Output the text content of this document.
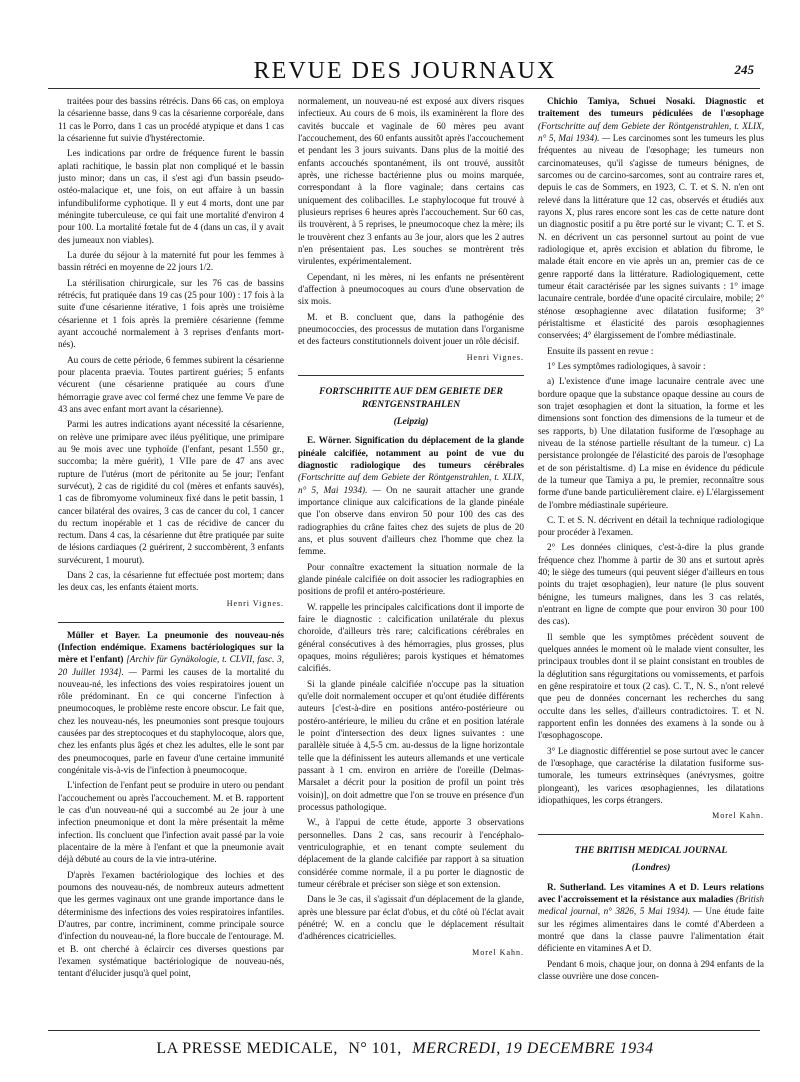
REVUE DES JOURNAUX	245

traitées pour des bassins rétrécis. Dans 66 cas, on employa la césarienne basse, dans 9 cas la césarienne corporéale, dans 11 cas le Porro, dans 1 cas un procédé atypique et dans 1 cas la césarienne fut suivie d'hystérectomie.

Les indications par ordre de fréquence furent le bassin aplati rachitique, le bassin plat non compliqué et le bassin justo minor; dans un cas, il s'est agi d'un bassin pseudo-ostéo-malacique et, une fois, on eut affaire à un bassin infundibuliforme cyphotique. Il y eut 4 morts, dont une par méningite tuberculeuse, ce qui fait une mortalité d'environ 4 pour 100. La mortalité fœtale fut de 4 (dans un cas, il y avait des jumeaux non viables).

La durée du séjour à la maternité fut pour les femmes à bassin rétréci en moyenne de 22 jours 1/2.

La stérilisation chirurgicale, sur les 76 cas de bassins rétrécis, fut pratiquée dans 19 cas (25 pour 100) : 17 fois à la suite d'une césarienne itérative, 1 fois après une troisième césarienne et 1 fois après la première césarienne (femme ayant accouché normalement à 3 reprises d'enfants mort-nés).

Au cours de cette période, 6 femmes subirent la césarienne pour placenta praevia. Toutes partirent guéries; 5 enfants vécurent (une césarienne pratiquée au cours d'une hémorragie grave avec col fermé chez une femme Ve pare de 43 ans avec enfant mort avant la césarienne).

Parmi les autres indications ayant nécessité la césarienne, on relève une primipare avec iléus pyélitique, une primipare au 9e mois avec une typhoïde (l'enfant, pesant 1.550 gr., succomba; la mère guérit), 1 VIIe pare de 47 ans avec rupture de l'utérus (mort de péritonite au 5e jour; l'enfant survécut), 2 cas de rigidité du col (mères et enfants sauvés), 1 cas de fibromyome volumineux fixé dans le petit bassin, 1 cancer bilatéral des ovaires, 3 cas de cancer du col, 1 cancer du rectum inopérable et 1 cas de récidive de cancer du rectum. Dans 4 cas, la césarienne dut être pratiquée par suite de lésions cardiaques (2 guérirent, 2 succombèrent, 3 enfants survécurent, 1 mourut).

Dans 2 cas, la césarienne fut effectuée post mortem; dans les deux cas, les enfants étaient morts.

Henri Vignes.

Müller et Bayer. La pneumonie des nouveau-nés (Infection endémique. Examens bactériologiques sur la mère et l'enfant) [Archiv für Gynäkologie, t. CLVII, fasc. 3, 20 Juillet 1934]. — Parmi les causes de la mortalité du nouveau-né, les infections des voies respiratoires jouent un rôle prédominant. En ce qui concerne l'infection à pneumocoques, le problème reste encore obscur. Le fait que, chez les nouveau-nés, les pneumonies sont presque toujours causées par des streptocoques et du staphylocoque, alors que, chez les enfants plus âgés et chez les adultes, elle le sont par des pneumocoques, parle en faveur d'une certaine immunité congénitale vis-à-vis de l'infection à pneumocoque.

L'infection de l'enfant peut se produire in utero ou pendant l'accouchement ou après l'accouchement. M. et B. rapportent le cas d'un nouveau-né qui a succombé au 2e jour à une infection pneumonique et dont la mère présentait la même infection. Ils concluent que l'infection avait passé par la voie placentaire de la mère à l'enfant et que la pneumonie avait déjà débuté au cours de la vie intra-utérine.

D'après l'examen bactériologique des lochies et des poumons des nouveau-nés, de nombreux auteurs admettent que les germes vaginaux ont une grande importance dans le déterminisme des infections des voies respiratoires infantiles. D'autres, par contre, incriminent, comme principale source d'infection du nouveau-né, la flore buccale de l'entourage. M. et B. ont cherché à éclaircir ces diverses questions par l'examen systématique bactériologique de nouveau-nés, tentant d'élucider jusqu'à quel point,

normalement, un nouveau-né est exposé aux divers risques infectieux. Au cours de 6 mois, ils examinèrent la flore des cavités buccale et vaginale de 60 mères peu avant l'accouchement, des 60 enfants aussitôt après l'accouchement et pendant les 3 jours suivants. Dans plus de la moitié des enfants accouchés spontanément, ils ont trouvé, aussitôt après, une richesse bactérienne plus ou moins marquée, correspondant à la flore vaginale; dans certains cas uniquement des colibacilles. Le staphylocoque fut trouvé à plusieurs reprises 6 heures après l'accouchement. Sur 60 cas, ils trouvèrent, à 5 reprises, le pneumocoque chez la mère; ils le trouvèrent chez 3 enfants au 3e jour, alors que les 2 autres n'en présentaient pas. Les souches se montrèrent très virulentes, expérimentalement.

Cependant, ni les mères, ni les enfants ne présentèrent d'affection à pneumocoques au cours d'une observation de six mois.

M. et B. concluent que, dans la pathogénie des pneumococcies, des processus de mutation dans l'organisme et des facteurs constitutionnels doivent jouer un rôle décisif.

Henri Vignes.
FORTSCHRITTE AUF DEM GEBIETE DER RŒNTGENSTRAHLEN
(Leipzig)

E. Wörner. Signification du déplacement de la glande pinéale calcifiée, notamment au point de vue du diagnostic radiologique des tumeurs cérébrales (Fortschritte auf dem Gebiete der Röntgenstrahlen, t. XLIX, n° 5, Mai 1934). — On ne saurait attacher une grande importance clinique aux calcifications de la glande pinéale que l'on observe dans environ 50 pour 100 des cas des radiographies du crâne faites chez des sujets de plus de 20 ans, et plus souvent d'ailleurs chez l'homme que chez la femme.

Pour connaître exactement la situation normale de la glande pinéale calcifiée on doit associer les radiographies en positions de profil et antéro-postérieure.

W. rappelle les principales calcifications dont il importe de faire le diagnostic : calcification unilatérale du plexus choroïde, d'ailleurs très rare; calcifications cérébrales en général consécutives à des hémorragies, plus grosses, plus opaques, moins régulières; parois kystiques et hématomes calcifiés.

Si la glande pinéale calcifiée n'occupe pas la situation qu'elle doit normalement occuper et qu'ont étudiée différents auteurs [c'est-à-dire en positions antéro-postérieure ou postéro-antérieure, le milieu du crâne et en position latérale le point d'intersection des deux lignes suivantes : une parallèle située à 4,5-5 cm. au-dessus de la ligne horizontale telle que la définissent les auteurs allemands et une verticale passant à 1 cm. environ en arrière de l'oreille (Delmas-Marsalet a décrit pour la position de profil un point très voisin)], on doit admettre que l'on se trouve en présence d'un processus pathologique.

W., à l'appui de cette étude, apporte 3 observations personnelles. Dans 2 cas, sans recourir à l'encéphalo-ventriculographie, et en tenant compte seulement du déplacement de la glande calcifiée par rapport à sa situation considérée comme normale, il a pu porter le diagnostic de tumeur cérébrale et préciser son siège et son extension.

Dans le 3e cas, il s'agissait d'un déplacement de la glande, après une blessure par éclat d'obus, et du côté où l'éclat avait pénétré; W. en a conclu que le déplacement résultait d'adhérences cicatricielles.

Morel Kahn.

Chichio Tamiya, Schuei Nosaki. Diagnostic et traitement des tumeurs pédiculées de l'œsophage (Fortschritte auf dem Gebiete der Röntgenstrahlen, t. XLIX, n° 5, Mai 1934). — Les carcinomes sont les tumeurs les plus fréquentes au niveau de l'œsophage; les tumeurs non carcinomateuses, qu'il s'agisse de tumeurs bénignes, de sarcomes ou de carcino-sarcomes, sont au contraire rares et, depuis le cas de Sommers, en 1923, C. T. et S. N. n'en ont relevé dans la littérature que 12 cas, observés et étudiés aux rayons X, plus rares encore sont les cas de cette nature dont un diagnostic positif a pu être porté sur le vivant; C. T. et S. N. en décrivent un cas personnel surtout au point de vue radiologique et, après excision et ablation du fibrome, le malade était encore en vie après un an, premier cas de ce genre rapporté dans la littérature. Radiologiquement, cette tumeur était caractérisée par les signes suivants : 1° image lacunaire centrale, bordée d'une opacité circulaire, mobile; 2° sténose œsophagienne avec dilatation fusiforme; 3° péristaltisme et élasticité des parois œsophagiennes conservées; 4° élargissement de l'ombre médiastinale.

Ensuite ils passent en revue :

1° Les symptômes radiologiques, à savoir :

a) L'existence d'une image lacunaire centrale avec une bordure opaque que la substance opaque dessine au cours de son trajet œsophagien et dont la situation, la forme et les dimensions sont fonction des dimensions de la tumeur et de ses rapports, b) Une dilatation fusiforme de l'œsophage au niveau de la sténose partielle résultant de la tumeur. c) La persistance prolongée de l'élasticité des parois de l'œsophage et de son péristaltisme. d) La mise en évidence du pédicule de la tumeur que Tamiya a pu, le premier, reconnaître sous forme d'une bande particulièrement claire. e) L'élargissement de l'ombre médiastinale supérieure.

C. T. et S. N. décrivent en détail la technique radiologique pour procéder à l'examen.

2° Les données cliniques, c'est-à-dire la plus grande fréquence chez l'homme à partir de 30 ans et surtout après 40; le siège des tumeurs (qui peuvent siéger d'ailleurs en tous points du trajet œsophagien), leur nature (le plus souvent bénigne, les tumeurs malignes, dans les 3 cas relatés, n'entrant en ligne de compte que pour environ 30 pour 100 des cas).

Il semble que les symptômes précèdent souvent de quelques années le moment où le malade vient consulter, les principaux troubles dont il se plaint consistant en troubles de la déglutition sans régurgitations ou vomissements, et parfois en gêne respiratoire et toux (2 cas). C. T., N. S., n'ont relevé que peu de données concernant les recherches du sang occulte dans les selles, d'ailleurs contradictoires. T. et N. rapportent enfin les données des examens à la sonde ou à l'œsophagoscope.

3° Le diagnostic différentiel se pose surtout avec le cancer de l'œsophage, que caractérise la dilatation fusiforme sus-tumorale, les tumeurs extrinsèques (anévrysmes, goitre plongeant), les varices œsophagiennes, les dilatations idiopathiques, les corps étrangers.

Morel Kahn.
THE BRITISH MEDICAL JOURNAL
(Londres)

R. Sutherland. Les vitamines A et D. Leurs relations avec l'accroissement et la résistance aux maladies (British medical journal, n° 3826, 5 Mai 1934). — Une étude faite sur les régimes alimentaires dans le comté d'Aberdeen a montré que dans la classe pauvre l'alimentation était déficiente en vitamines A et D.

Pendant 6 mois, chaque jour, on donna à 294 enfants de la classe ouvrière une dose concen-

LA PRESSE MEDICALE, N° 101, MERCREDI, 19 DECEMBRE 1934
